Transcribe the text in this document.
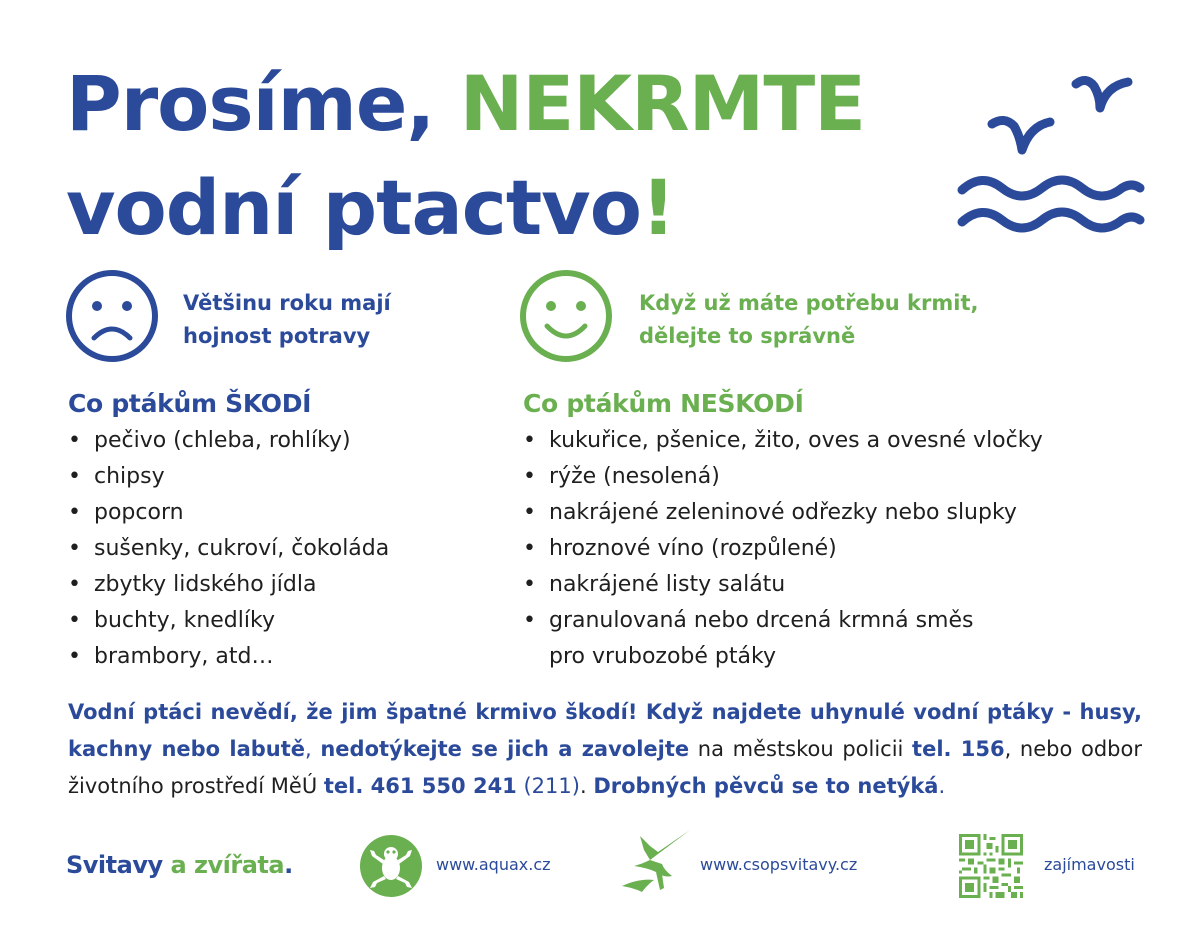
Prosíme, NEKRMTE
vodní ptactvo!
Většinu roku mají
hojnost potravy
Když už máte potřebu krmit,
dělejte to správně
Co ptákům ŠKODÍ
• pečivo (chleba, rohlíky)
• chipsy
• popcorn
• sušenky, cukroví, čokoláda
• zbytky lidského jídla
• buchty, knedlíky
• brambory, atd…
Co ptákům NEŠKODÍ
• kukuřice, pšenice, žito, oves a ovesné vločky
• rýže (nesolená)
• nakrájené zeleninové odřezky nebo slupky
• hroznové víno (rozpůlené)
• nakrájené listy salátu
• granulovaná nebo drcená krmná směs
pro vrubozobé ptáky

Vodní ptáci nevědí, že jim špatné krmivo škodí! Když najdete uhynulé vodní ptáky - husy, kachny nebo labutě, nedotýkejte se jich a zavolejte na městskou policii tel. 156, nebo odbor životního prostředí MěÚ tel. 461 550 241 (211). Drobných pěvců se to netýká.

Svitavy a zvířata.	www.aquax.cz	www.csopsvitavy.cz	zajímavosti
